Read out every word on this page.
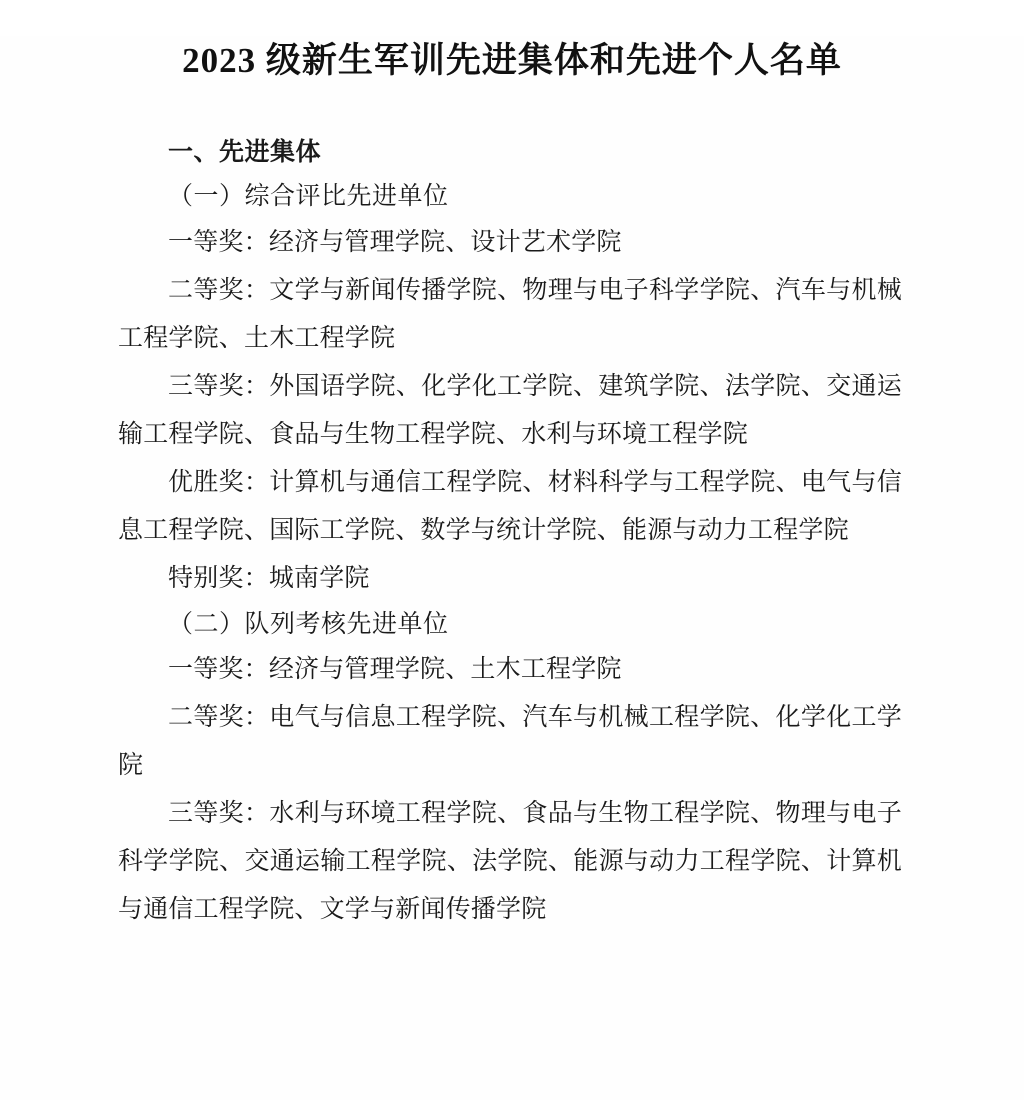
2023 级新生军训先进集体和先进个人名单

一、先进集体

（一）综合评比先进单位

一等奖：经济与管理学院、设计艺术学院

二等奖：文学与新闻传播学院、物理与电子科学学院、汽车与机械工程学院、土木工程学院

三等奖：外国语学院、化学化工学院、建筑学院、法学院、交通运输工程学院、食品与生物工程学院、水利与环境工程学院

优胜奖：计算机与通信工程学院、材料科学与工程学院、电气与信息工程学院、国际工学院、数学与统计学院、能源与动力工程学院

特别奖：城南学院

（二）队列考核先进单位

一等奖：经济与管理学院、土木工程学院

二等奖：电气与信息工程学院、汽车与机械工程学院、化学化工学院

三等奖：水利与环境工程学院、食品与生物工程学院、物理与电子科学学院、交通运输工程学院、法学院、能源与动力工程学院、计算机与通信工程学院、文学与新闻传播学院
